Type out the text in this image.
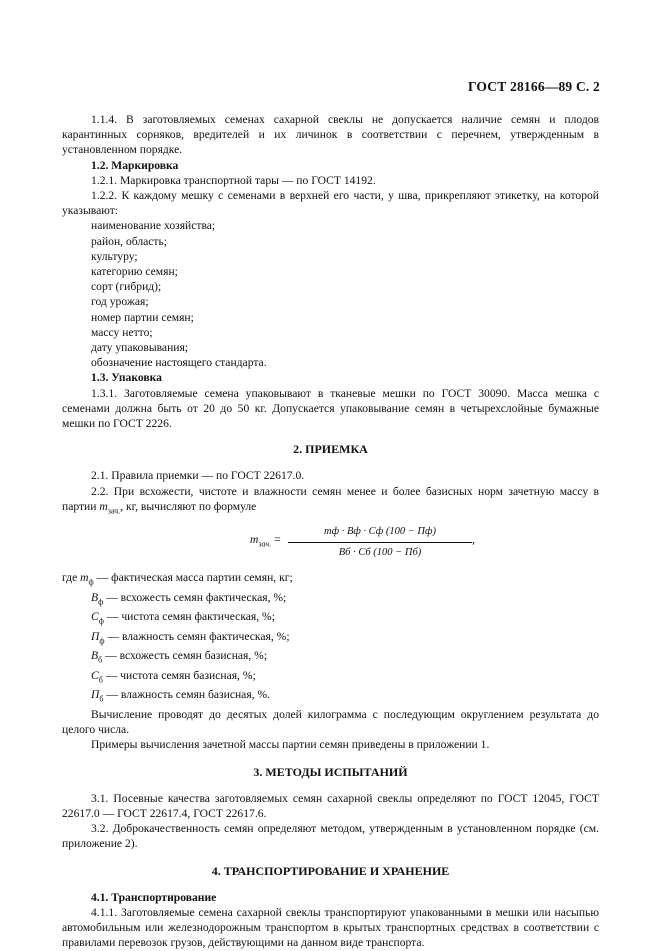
ГОСТ 28166—89 С. 2

1.1.4. В заготовляемых семенах сахарной свеклы не допускается наличие семян и плодов карантинных сорняков, вредителей и их личинок в соответствии с перечнем, утвержденным в установленном порядке.

1.2. Маркировка

1.2.1. Маркировка транспортной тары — по ГОСТ 14192.

1.2.2. К каждому мешку с семенами в верхней его части, у шва, прикрепляют этикетку, на которой указывают:

наименование хозяйства;

район, область;

культуру;

категорию семян;

сорт (гибрид);

год урожая;

номер партии семян;

массу нетто;

дату упаковывания;

обозначение настоящего стандарта.

1.3. Упаковка

1.3.1. Заготовляемые семена упаковывают в тканевые мешки по ГОСТ 30090. Масса мешка с семенами должна быть от 20 до 50 кг. Допускается упаковывание семян в четырехслойные бумажные мешки по ГОСТ 2226.

2. ПРИЕМКА

2.1. Правила приемки — по ГОСТ 22617.0.

2.2. При всхожести, чистоте и влажности семян менее и более базисных норм зачетную массу в партии $m_{зач.}$, кг, вычисляют по формуле

$m_{зач.}$ =
mф · Bф · Сф (100 − Пф)
Bб · Сб (100 − Пб)
,

где $m_ф$ — фактическая масса партии семян, кг;

$B_ф$ — всхожесть семян фактическая, %;

$С_ф$ — чистота семян фактическая, %;

$П_ф$ — влажность семян фактическая, %;

$B_б$ — всхожесть семян базисная, %;

$С_б$ — чистота семян базисная, %;

$П_б$ — влажность семян базисная, %.

Вычисление проводят до десятых долей килограмма с последующим округлением результата до целого числа.

Примеры вычисления зачетной массы партии семян приведены в приложении 1.

3. МЕТОДЫ ИСПЫТАНИЙ

3.1. Посевные качества заготовляемых семян сахарной свеклы определяют по ГОСТ 12045, ГОСТ 22617.0 — ГОСТ 22617.4, ГОСТ 22617.6.

3.2. Доброкачественность семян определяют методом, утвержденным в установленном порядке (см. приложение 2).

4. ТРАНСПОРТИРОВАНИЕ И ХРАНЕНИЕ

4.1. Транспортирование

4.1.1. Заготовляемые семена сахарной свеклы транспортируют упакованными в мешки или насыпью автомобильным или железнодорожным транспортом в крытых транспортных средствах в соответствии с правилами перевозок грузов, действующими на данном виде транспорта.
